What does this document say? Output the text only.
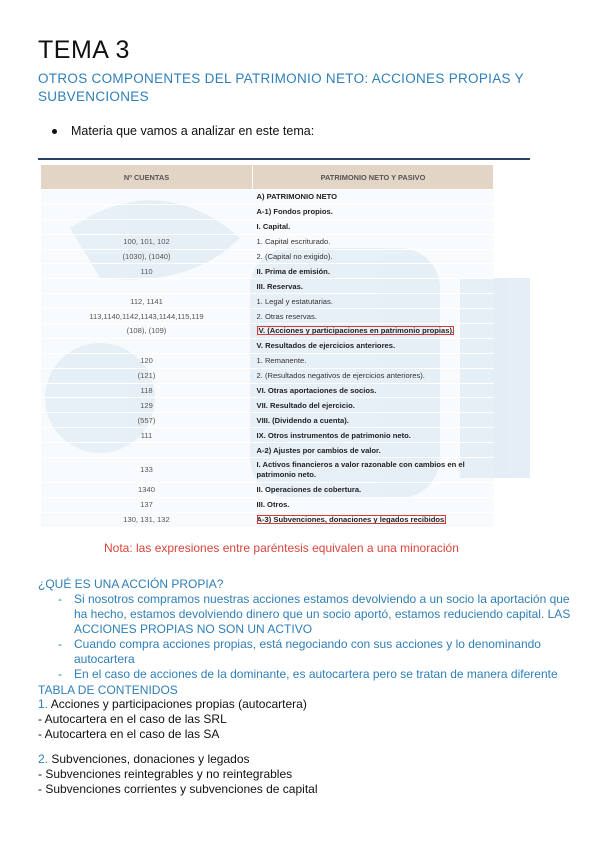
TEMA 3
OTROS COMPONENTES DEL PATRIMONIO NETO: ACCIONES PROPIAS Y SUBVENCIONES
Materia que vamos a analizar en este tema:
Nº CUENTAS	PATRIMONIO NETO Y PASIVO
	A) PATRIMONIO NETO
	A-1) Fondos propios.
	I. Capital.
100, 101, 102	1. Capital escriturado.
(1030), (1040)	2. (Capital no exigido).
110	II. Prima de emisión.
	III. Reservas.
112, 1141	1. Legal y estatutarias.
113,1140,1142,1143,1144,115,119	2. Otras reservas.
(108), (109)	IV. (Acciones y participaciones en patrimonio propias).
	V. Resultados de ejercicios anteriores.
120	1. Remanente.
(121)	2. (Resultados negativos de ejercicios anteriores).
118	VI. Otras aportaciones de socios.
129	VII. Resultado del ejercicio.
(557)	VIII. (Dividendo a cuenta).
111	IX. Otros instrumentos de patrimonio neto.
	A-2) Ajustes por cambios de valor.
133	I. Activos financieros a valor razonable con cambios en el patrimonio neto.
1340	II. Operaciones de cobertura.
137	III. Otros.
130, 131, 132	A-3) Subvenciones, donaciones y legados recibidos.
Nota: las expresiones entre paréntesis equivalen a una minoración
¿QUÉ ES UNA ACCIÓN PROPIA?
- Si nosotros compramos nuestras acciones estamos devolviendo a un socio la aportación que ha hecho, estamos devolviendo dinero que un socio aportó, estamos reduciendo capital. LAS ACCIONES PROPIAS NO SON UN ACTIVO
- Cuando compra acciones propias, está negociando con sus acciones y lo denominando autocartera
- En el caso de acciones de la dominante, es autocartera pero se tratan de manera diferente
TABLA DE CONTENIDOS
1. Acciones y participaciones propias (autocartera)
- Autocartera en el caso de las SRL
- Autocartera en el caso de las SA
2. Subvenciones, donaciones y legados
- Subvenciones reintegrables y no reintegrables
- Subvenciones corrientes y subvenciones de capital
